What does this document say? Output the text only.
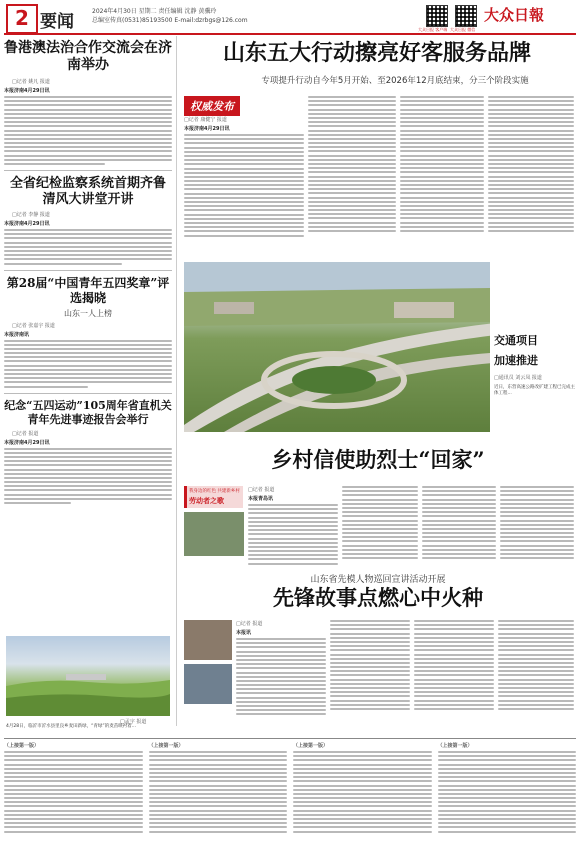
2 要闻
2024年4月30日 星期二 责任编辑 沈静 黄骥玲
总编室传真(0531)85193500 E-mail:dzrbgs@126.com
大众日报 客户端 大众日报 微信
大众日報
鲁港澳法治合作交流会在济南举办
□记者 姚凡 报道
本报济南4月29日讯
全省纪检监察系统首期齐鲁清风大讲堂开讲
□记者 李静 报道
本报济南4月29日讯
第28届“中国青年五四奖章”评选揭晓
山东一人上榜
□记者 张嘉宇 报道
本报济南讯
纪念“五四运动”105周年省直机关青年先进事迹报告会举行
□记者 报道
本报济南4月29日讯
□孟宇 报道
4月28日，临沂市沂水县里良乡麦田新绿，“青绿”的麦苗映衬着...
山东五大行动擦亮好客服务品牌
专项提升行动自今年5月开始、至2026年12月底结束，分三个阶段实施
权威发布
□记者 康健宁 报道
本报济南4月29日讯
交通项目
加速推进
□通讯员 刘云凤 报道
近日，东营高速公路改扩建工程已完成主体工程...
乡村信使助烈士“回家”
我身边的红色 共建新乡村
劳动者之歌
□记者 报道
本报青岛讯
山东省先模人物巡回宣讲活动开展
先锋故事点燃心中火种
□记者 报道
本报讯
（上接第一版）	（上接第一版）	（上接第一版）	（上接第一版）
